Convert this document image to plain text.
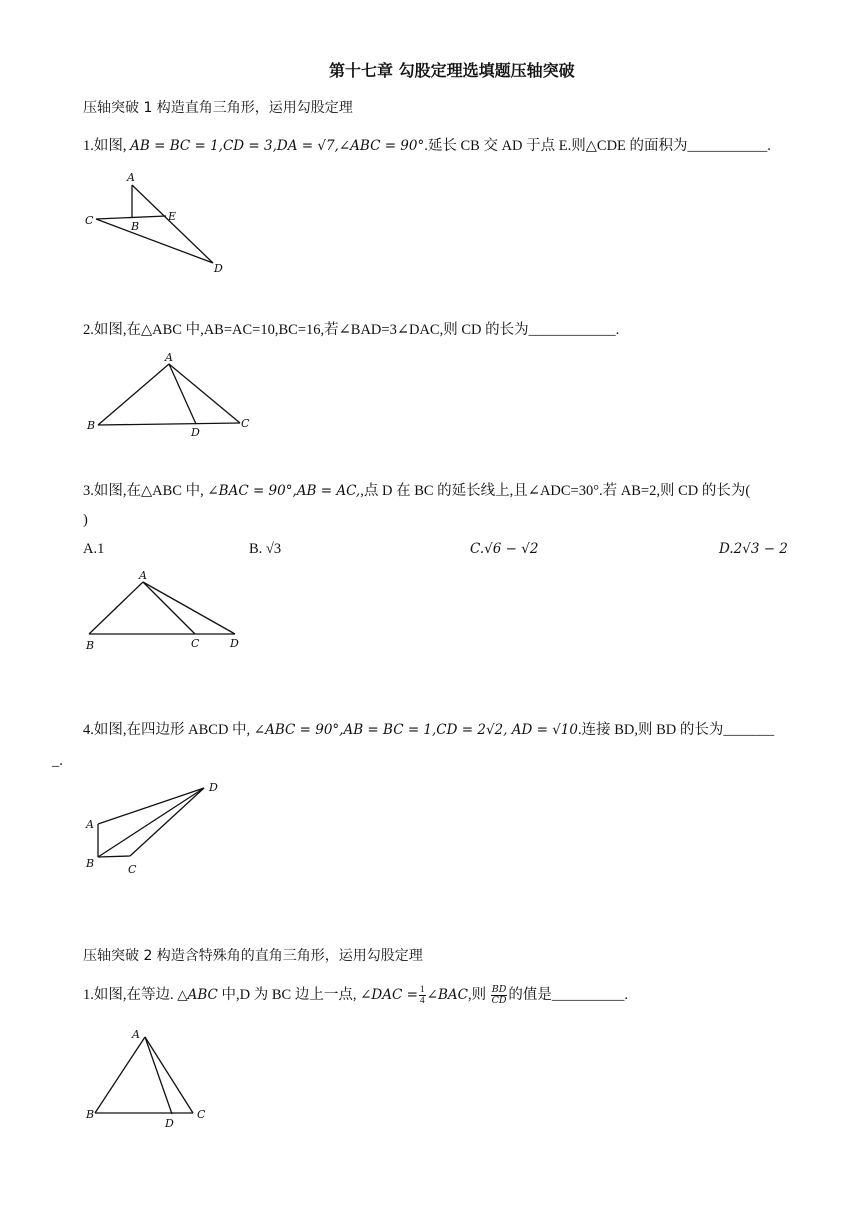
第十七章 勾股定理选填题压轴突破
压轴突破 1 构造直角三角形，运用勾股定理
1.如图, AB = BC = 1,CD = 3,DA = √7,∠ABC = 90°.延长 CB 交 AD 于点 E.则△CDE 的面积为___________.
A
C	B
E
D
2.如图,在△ABC 中,AB=AC=10,BC=16,若∠BAD=3∠DAC,则 CD 的长为____________.
A
B
D
C
3.如图,在△ABC 中, ∠BAC = 90°,AB = AC,,点 D 在 BC 的延长线上,且∠ADC=30°.若 AB=2,则 CD 的长为(
)
A.1	B. √3	C.√6 − √2	D.2√3 − 2
A
B	C	D
4.如图,在四边形 ABCD 中, ∠ABC = 90°,AB = BC = 1,CD = 2√2, AD = √10.连接 BD,则 BD 的长为_______
_.
D
A
B	C
压轴突破 2 构造含特殊角的直角三角形，运用勾股定理
1.如图,在等边. △ABC 中,D 为 BC 边上一点, ∠DAC = $\frac{1}{4}$ ∠BAC,则 $\frac{BD}{CD}$ 的值是__________.
A
B
D
C
